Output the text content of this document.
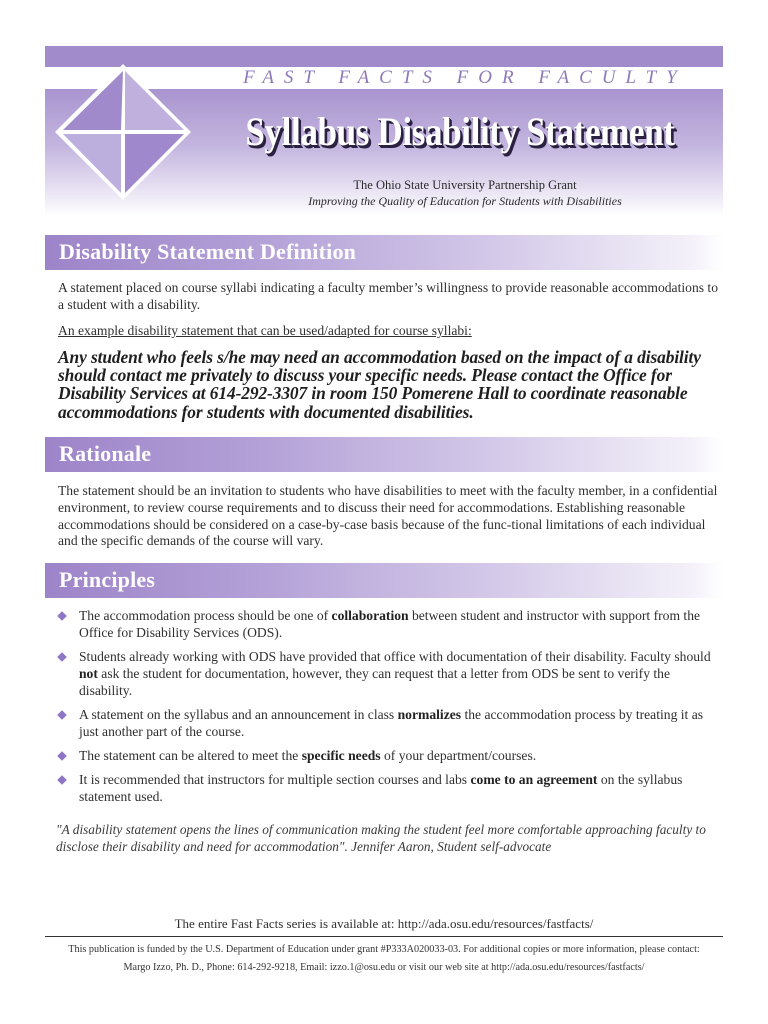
FAST FACTS FOR FACULTY
Syllabus Disability Statement
The Ohio State University Partnership Grant
Improving the Quality of Education for Students with Disabilities
Disability Statement Definition

A statement placed on course syllabi indicating a faculty member’s willingness to provide reasonable accommodations to a student with a disability.

An example disability statement that can be used/adapted for course syllabi:

Any student who feels s/he may need an accommodation based on the impact of a disability should contact me privately to discuss your specific needs. Please contact the Office for Disability Services at 614-292-3307 in room 150 Pomerene Hall to coordinate reasonable accommodations for students with documented disabilities.

Rationale

The statement should be an invitation to students who have disabilities to meet with the faculty member, in a confidential environment, to review course requirements and to discuss their need for accommodations. Establishing reasonable accommodations should be considered on a case-by-case basis because of the func-tional limitations of each individual and the specific demands of the course will vary.

Principles
The accommodation process should be one of collaboration between student and instructor with support from the Office for Disability Services (ODS).
Students already working with ODS have provided that office with documentation of their disability. Faculty should not ask the student for documentation, however, they can request that a letter from ODS be sent to verify the disability.
A statement on the syllabus and an announcement in class normalizes the accommodation process by treating it as just another part of the course.
The statement can be altered to meet the specific needs of your department/courses.
It is recommended that instructors for multiple section courses and labs come to an agreement on the syllabus statement used.

"A disability statement opens the lines of communication making the student feel more comfortable approaching faculty to disclose their disability and need for accommodation". Jennifer Aaron, Student self-advocate

The entire Fast Facts series is available at: http://ada.osu.edu/resources/fastfacts/
This publication is funded by the U.S. Department of Education under grant #P333A020033-03. For additional copies or more information, please contact:
Margo Izzo, Ph. D., Phone: 614-292-9218, Email: izzo.1@osu.edu or visit our web site at http://ada.osu.edu/resources/fastfacts/
